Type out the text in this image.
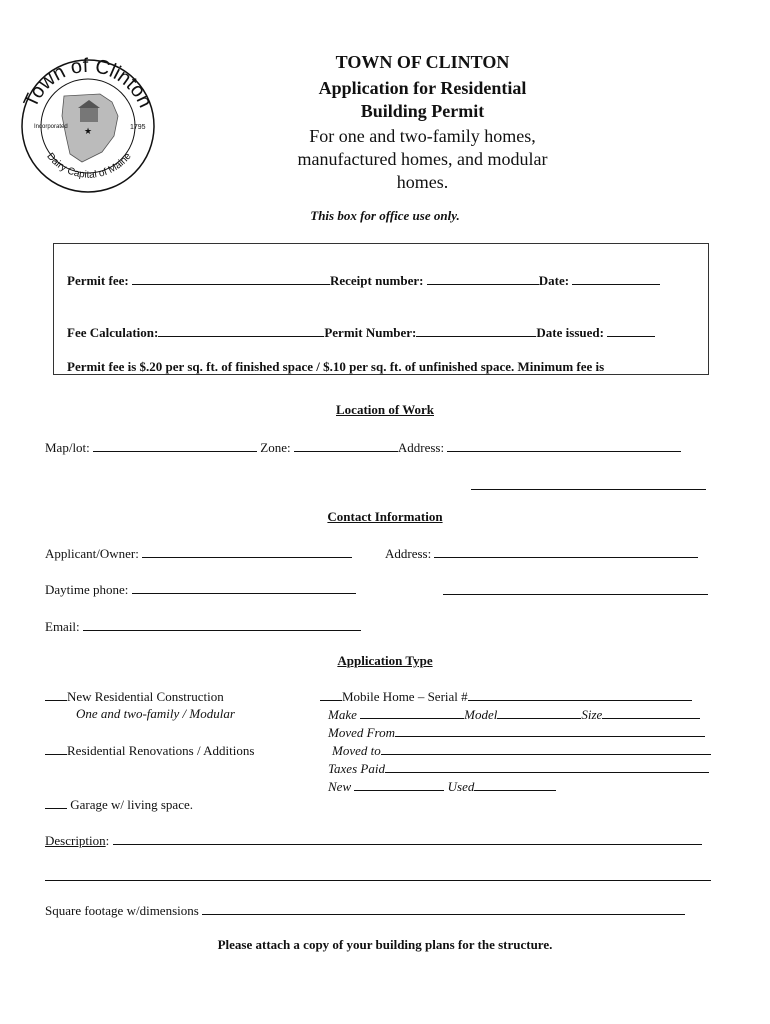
Town of Clinton
Dairy Capital of Maine
Incorporated	1795
★
TOWN OF CLINTON
Application for Residential
Building Permit
For one and two-family homes,
manufactured homes, and modular
homes.
This box for office use only.
Permit fee:	Receipt number:	Date:
Fee Calculation:	Permit Number:	Date issued:
Permit fee is $.20 per sq. ft. of finished space / $.10 per sq. ft. of unfinished space. Minimum fee is
Location of Work
Map/lot:	Zone:	Address:
Contact Information
Applicant/Owner:	Address:
Daytime phone:
Email:
Application Type
New Residential Construction
One and two-family / Modular
Residential Renovations / Additions
Garage w/ living space.
Mobile Home – Serial #
Make	Model	Size
Moved From
Moved to
Taxes Paid
New	Used
Description:
Square footage w/dimensions
Please attach a copy of your building plans for the structure.
